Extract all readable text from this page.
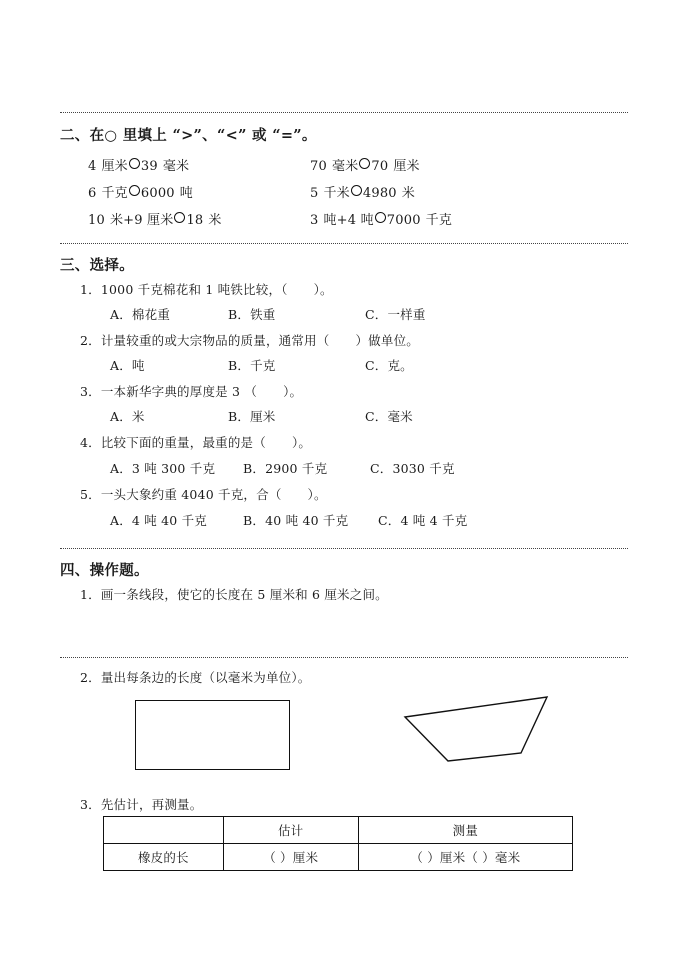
二、在○ 里填上 “>”、“<” 或 “=”。
4 厘米 39 毫米	70 毫米 70 厘米
6 千克 6000 吨	5 千米 4980 米
10 米+9 厘米 18 米	3 吨+4 吨 7000 千克
三、选择。
1．1000 千克棉花和 1 吨铁比较，（ ）。
A．棉花重	B．铁重	C．一样重
2．计量较重的或大宗物品的质量，通常用（ ）做单位。
A．吨	B．千克	C．克。
3．一本新华字典的厚度是 3 （ ）。
A．米	B．厘米	C．毫米
4．比较下面的重量，最重的是（ ）。
A．3 吨 300 千克 B．2900 千克	C．3030 千克
5．一头大象约重 4040 千克，合（ ）。
A．4 吨 40 千克	B．40 吨 40 千克 C．4 吨 4 千克
四、操作题。
1．画一条线段，使它的长度在 5 厘米和 6 厘米之间。
2．量出每条边的长度（以毫米为单位）。
3．先估计，再测量。
	估计	测量
橡皮的长	（ ）厘米	（ ）厘米（ ）毫米
